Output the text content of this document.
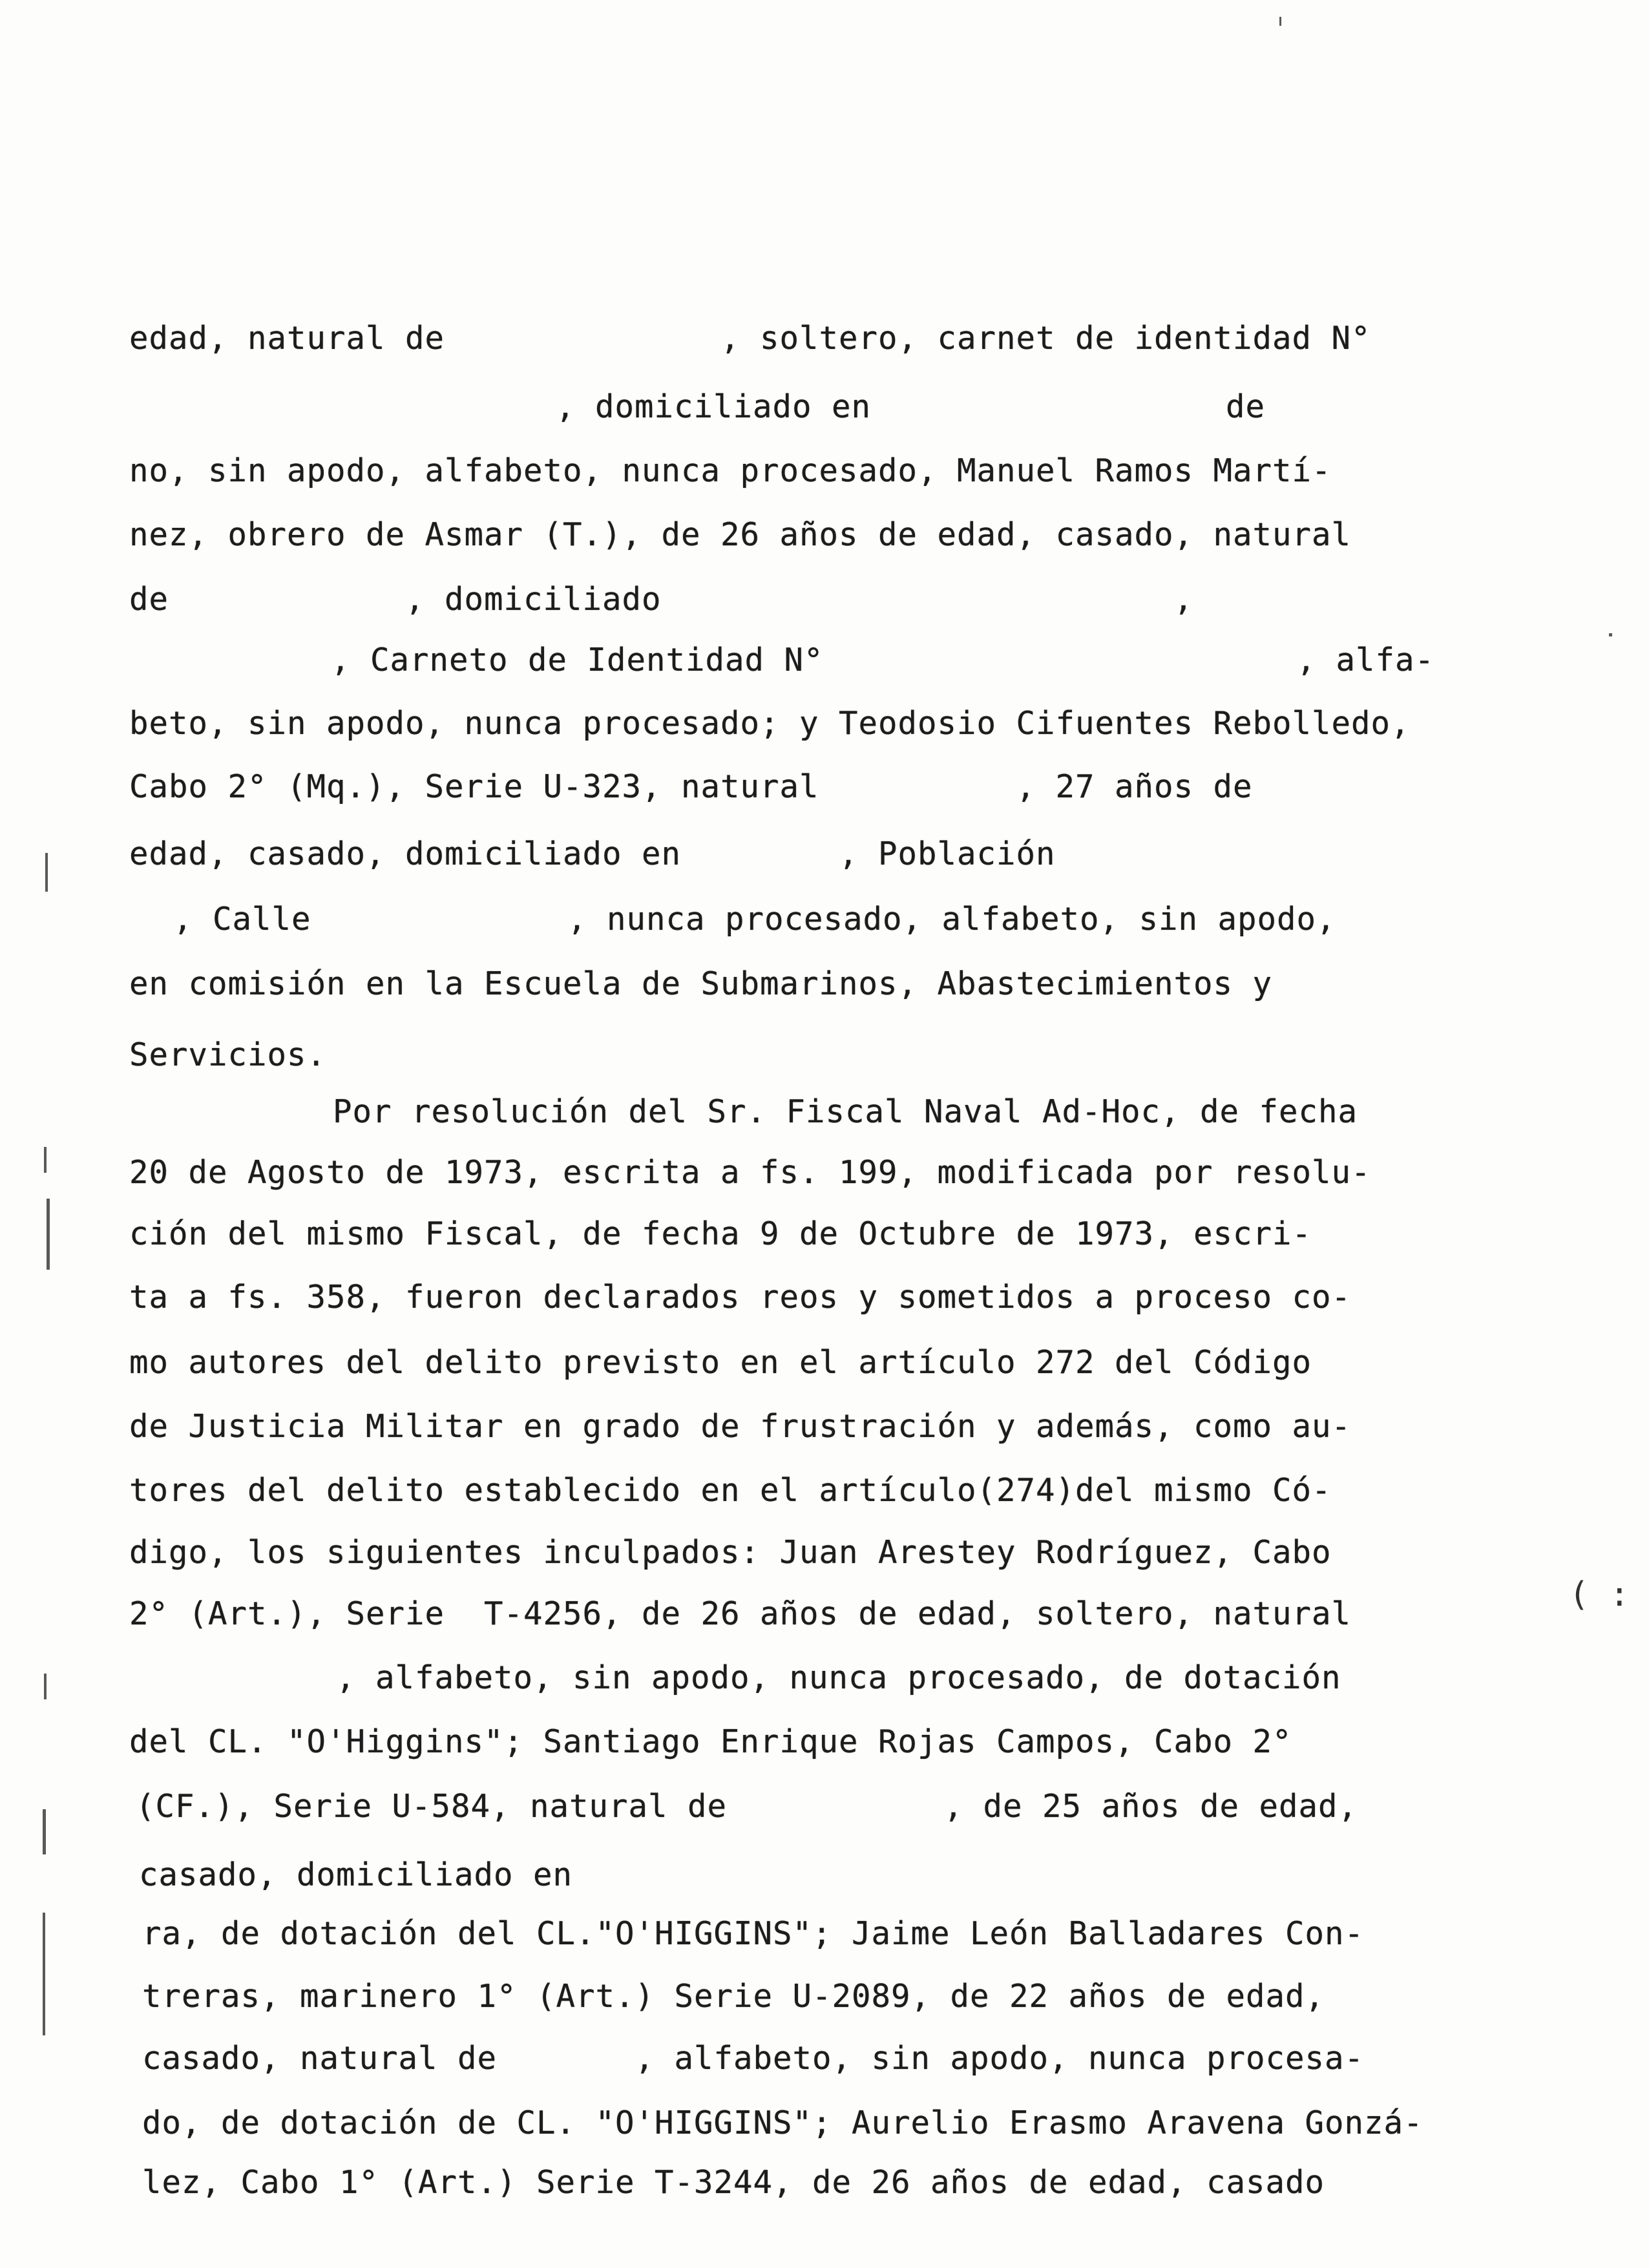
edad, natural de              , soltero, carnet de identidad N°
, domiciliado en                  de
no, sin apodo, alfabeto, nunca procesado, Manuel Ramos Martí-
nez, obrero de Asmar (T.), de 26 años de edad, casado, natural
de            , domiciliado                          ,
, Carneto de Identidad N°                        , alfa-
beto, sin apodo, nunca procesado; y Teodosio Cifuentes Rebolledo,
Cabo 2° (Mq.), Serie U-323, natural          , 27 años de
edad, casado, domiciliado en        , Población
, Calle             , nunca procesado, alfabeto, sin apodo,
en comisión en la Escuela de Submarinos, Abastecimientos y
Servicios.
Por resolución del Sr. Fiscal Naval Ad-Hoc, de fecha
20 de Agosto de 1973, escrita a fs. 199, modificada por resolu-
ción del mismo Fiscal, de fecha 9 de Octubre de 1973, escri-
ta a fs. 358, fueron declarados reos y sometidos a proceso co-
mo autores del delito previsto en el artículo 272 del Código
de Justicia Militar en grado de frustración y además, como au-
tores del delito establecido en el artículo(274)del mismo Có-
digo, los siguientes inculpados: Juan Arestey Rodríguez, Cabo
2° (Art.), Serie  T-4256, de 26 años de edad, soltero, natural
, alfabeto, sin apodo, nunca procesado, de dotación
del CL. "O'Higgins"; Santiago Enrique Rojas Campos, Cabo 2°
(CF.), Serie U-584, natural de           , de 25 años de edad,
casado, domiciliado en
ra, de dotación del CL."O'HIGGINS"; Jaime León Balladares Con-
treras, marinero 1° (Art.) Serie U-2089, de 22 años de edad,
casado, natural de       , alfabeto, sin apodo, nunca procesa-
do, de dotación de CL. "O'HIGGINS"; Aurelio Erasmo Aravena Gonzá-
lez, Cabo 1° (Art.) Serie T-3244, de 26 años de edad, casado
( :
